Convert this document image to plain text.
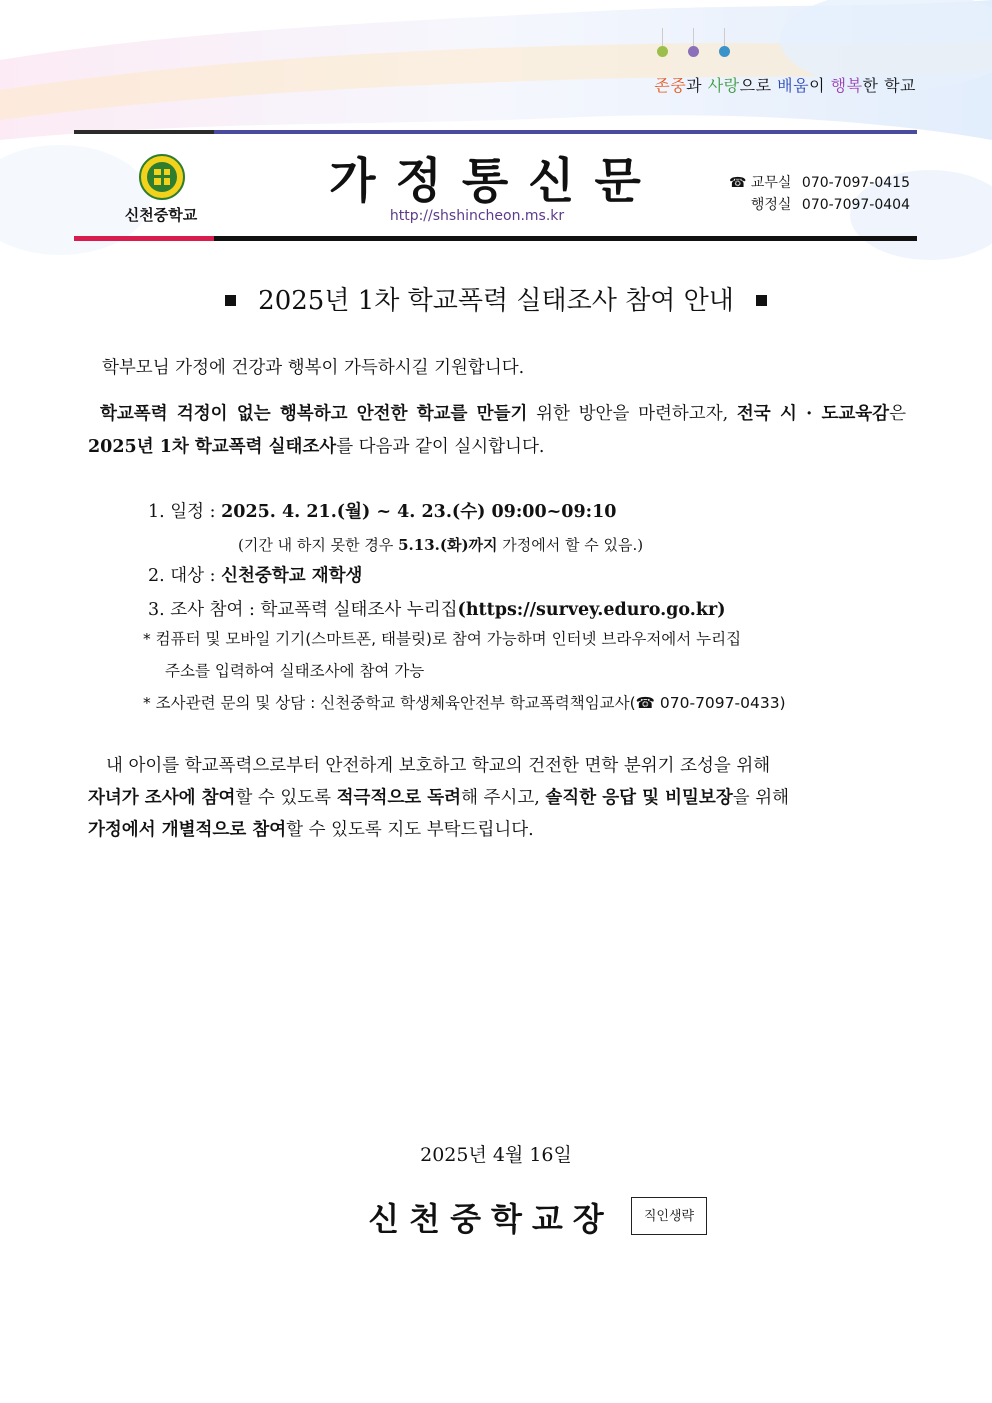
존중과 사랑으로 배움이 행복한 학교
신천중학교
가정통신문
http://shshincheon.ms.kr
☎ 교무실 070-7097-0415
행정실 070-7097-0404
2025년 1차 학교폭력 실태조사 참여 안내
학부모님 가정에 건강과 행복이 가득하시길 기원합니다.
학교폭력 걱정이 없는 행복하고 안전한 학교를 만들기 위한 방안을 마련하고자, 전국 시 · 도교육감은 2025년 1차 학교폭력 실태조사를 다음과 같이 실시합니다.
1. 일정 : 2025. 4. 21.(월) ~ 4. 23.(수) 09:00~09:10
(기간 내 하지 못한 경우 5.13.(화)까지 가정에서 할 수 있음.)
2. 대상 : 신천중학교 재학생
3. 조사 참여 : 학교폭력 실태조사 누리집(https://survey.eduro.go.kr)
* 컴퓨터 및 모바일 기기(스마트폰, 태블릿)로 참여 가능하며 인터넷 브라우저에서 누리집
주소를 입력하여 실태조사에 참여 가능
* 조사관련 문의 및 상담 : 신천중학교 학생체육안전부 학교폭력책임교사(☎ 070-7097-0433)
내 아이를 학교폭력으로부터 안전하게 보호하고 학교의 건전한 면학 분위기 조성을 위해
자녀가 조사에 참여할 수 있도록 적극적으로 독려해 주시고, 솔직한 응답 및 비밀보장을 위해
가정에서 개별적으로 참여할 수 있도록 지도 부탁드립니다.
2025년 4월 16일
신천중학교장	직인생략
